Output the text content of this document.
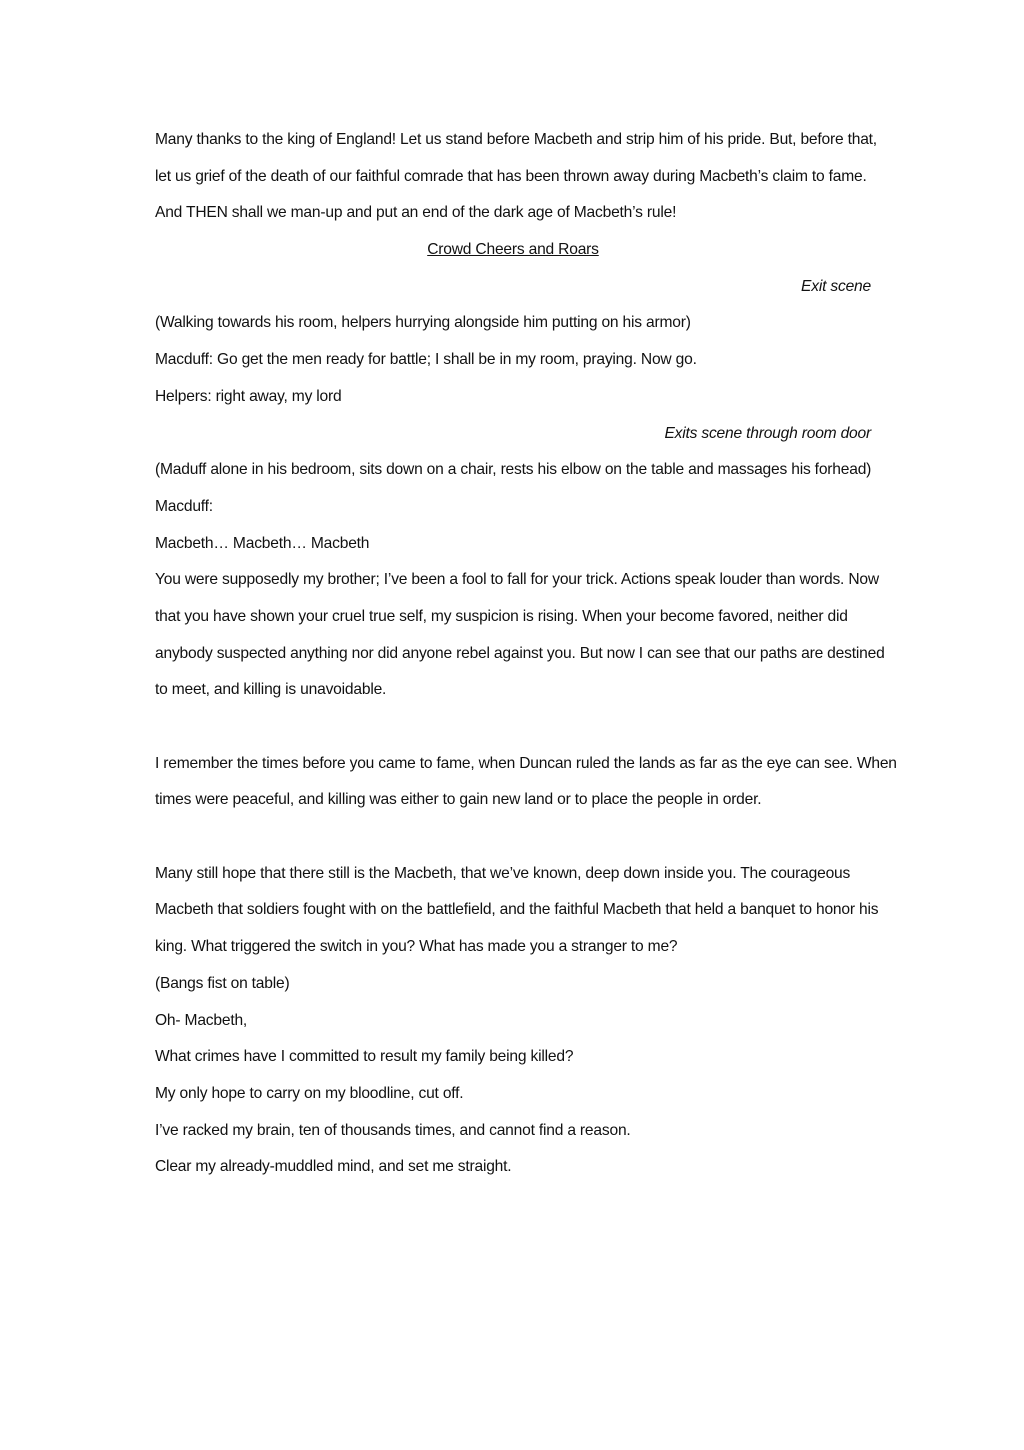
Many thanks to the king of England! Let us stand before Macbeth and strip him of his pride. But, before that,
let us grief of the death of our faithful comrade that has been thrown away during Macbeth’s claim to fame.
And THEN shall we man-up and put an end of the dark age of Macbeth’s rule!
Crowd Cheers and Roars
Exit scene
(Walking towards his room, helpers hurrying alongside him putting on his armor)
Macduff: Go get the men ready for battle; I shall be in my room, praying. Now go.
Helpers: right away, my lord
Exits scene through room door
(Maduff alone in his bedroom, sits down on a chair, rests his elbow on the table and massages his forhead)
Macduff:
Macbeth… Macbeth… Macbeth
You were supposedly my brother; I’ve been a fool to fall for your trick. Actions speak louder than words. Now
that you have shown your cruel true self, my suspicion is rising. When your become favored, neither did
anybody suspected anything nor did anyone rebel against you. But now I can see that our paths are destined
to meet, and killing is unavoidable.
I remember the times before you came to fame, when Duncan ruled the lands as far as the eye can see. When
times were peaceful, and killing was either to gain new land or to place the people in order.
Many still hope that there still is the Macbeth, that we’ve known, deep down inside you. The courageous
Macbeth that soldiers fought with on the battlefield, and the faithful Macbeth that held a banquet to honor his
king. What triggered the switch in you? What has made you a stranger to me?
(Bangs fist on table)
Oh- Macbeth,
What crimes have I committed to result my family being killed?
My only hope to carry on my bloodline, cut off.
I’ve racked my brain, ten of thousands times, and cannot find a reason.
Clear my already-muddled mind, and set me straight.
